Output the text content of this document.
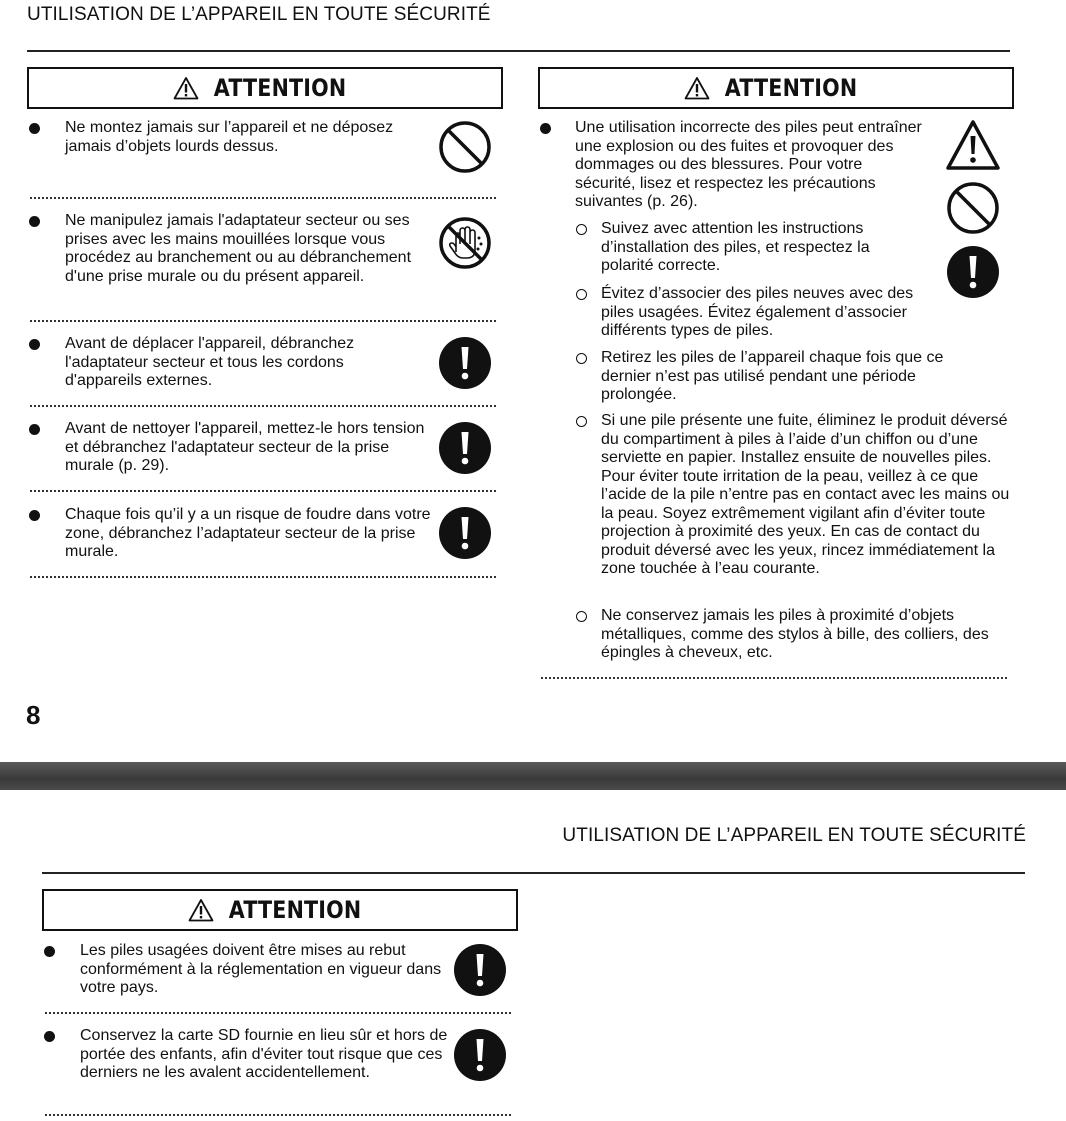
UTILISATION DE L’APPAREIL EN TOUTE SÉCURITÉ
ATTENTION
Ne montez jamais sur l’appareil et ne déposez jamais d’objets lourds dessus.
Ne manipulez jamais l'adaptateur secteur ou ses prises avec les mains mouillées lorsque vous procédez au branchement ou au débranchement d'une prise murale ou du présent appareil.
Avant de déplacer l'appareil, débranchez l'adaptateur secteur et tous les cordons d'appareils externes.
Avant de nettoyer l'appareil, mettez-le hors tension et débranchez l'adaptateur secteur de la prise murale (p. 29).
Chaque fois qu’il y a un risque de foudre dans votre zone, débranchez l’adaptateur secteur de la prise murale.
ATTENTION
Une utilisation incorrecte des piles peut entraîner une explosion ou des fuites et provoquer des dommages ou des blessures. Pour votre sécurité, lisez et respectez les précautions suivantes (p. 26).
Suivez avec attention les instructions d’installation des piles, et respectez la polarité correcte.
Évitez d’associer des piles neuves avec des piles usagées. Évitez également d’associer différents types de piles.
Retirez les piles de l’appareil chaque fois que ce dernier n’est pas utilisé pendant une période prolongée.
Si une pile présente une fuite, éliminez le produit déversé du compartiment à piles à l’aide d’un chiffon ou d’une serviette en papier. Installez ensuite de nouvelles piles. Pour éviter toute irritation de la peau, veillez à ce que l’acide de la pile n’entre pas en contact avec les mains ou la peau. Soyez extrêmement vigilant afin d’éviter toute projection à proximité des yeux. En cas de contact du produit déversé avec les yeux, rincez immédiatement la zone touchée à l’eau courante.
Ne conservez jamais les piles à proximité d’objets métalliques, comme des stylos à bille, des colliers, des épingles à cheveux, etc.
8
UTILISATION DE L’APPAREIL EN TOUTE SÉCURITÉ
ATTENTION
Les piles usagées doivent être mises au rebut conformément à la réglementation en vigueur dans votre pays.
Conservez la carte SD fournie en lieu sûr et hors de portée des enfants, afin d'éviter tout risque que ces derniers ne les avalent accidentellement.
